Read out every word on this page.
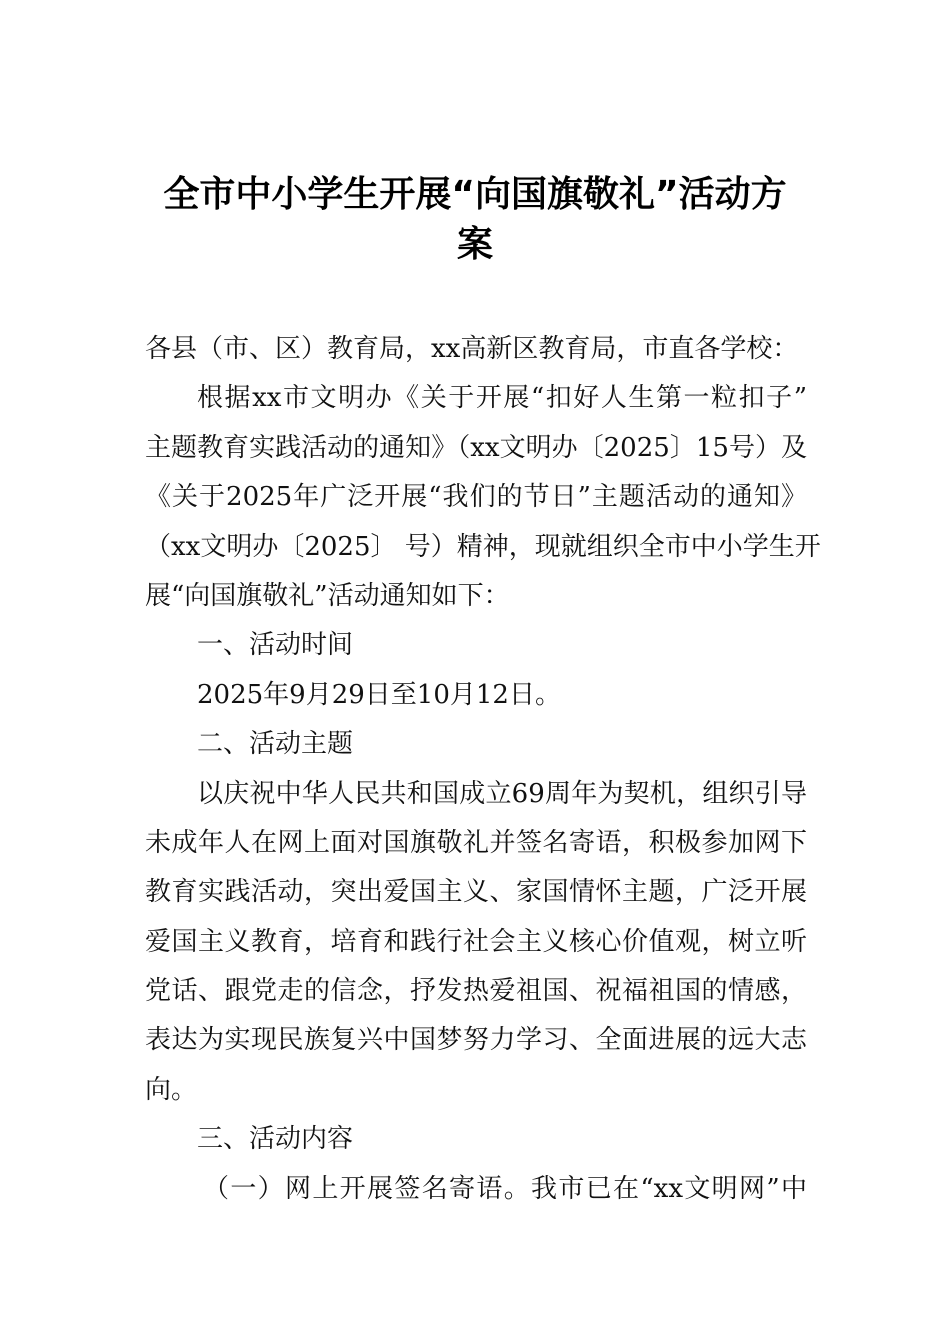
全市中小学生开展“向国旗敬礼”活动方
案
各县（市、区）教育局，xx高新区教育局，市直各学校：
根据xx市文明办《关于开展“扣好人生第一粒扣子”
主题教育实践活动的通知》（xx文明办〔2025〕15号）及
《关于2025年广泛开展“我们的节日”主题活动的通知》
（xx文明办〔2025〕 号）精神，现就组织全市中小学生开
展“向国旗敬礼”活动通知如下：
一、活动时间
2025年9月29日至10月12日。
二、活动主题
以庆祝中华人民共和国成立69周年为契机，组织引导
未成年人在网上面对国旗敬礼并签名寄语，积极参加网下
教育实践活动，突出爱国主义、家国情怀主题，广泛开展
爱国主义教育，培育和践行社会主义核心价值观，树立听
党话、跟党走的信念，抒发热爱祖国、祝福祖国的情感，
表达为实现民族复兴中国梦努力学习、全面进展的远大志
向。
三、活动内容
（一）网上开展签名寄语。我市已在“xx文明网”中
